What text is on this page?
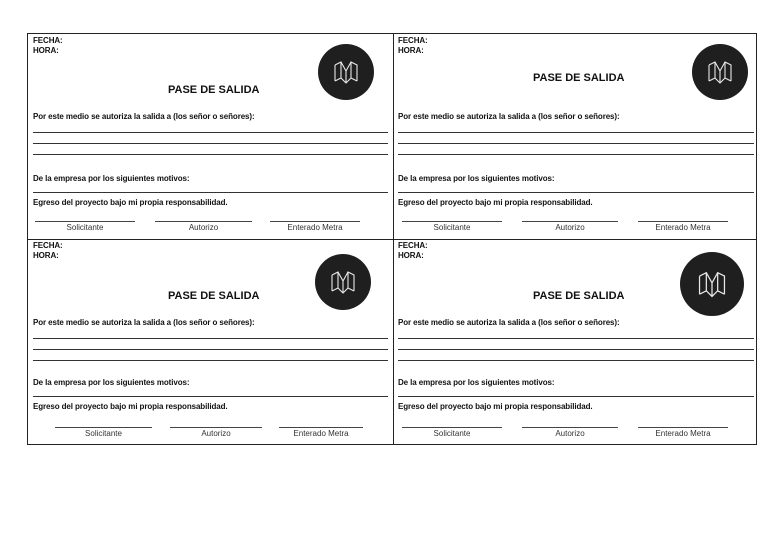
FECHA:
HORA:
PASE DE SALIDA
Por este medio se autoriza la salida a (los señor o señores):
De la empresa por los siguientes motivos:
Egreso del proyecto bajo mi propia responsabilidad.
Solicitante	Autorizo	Enterado Metra
FECHA:
HORA:
PASE DE SALIDA
Por este medio se autoriza la salida a (los señor o señores):
De la empresa por los siguientes motivos:
Egreso del proyecto bajo mi propia responsabilidad.
Solicitante	Autorizo	Enterado Metra
FECHA:
HORA:
PASE DE SALIDA
Por este medio se autoriza la salida a (los señor o señores):
De la empresa por los siguientes motivos:
Egreso del proyecto bajo mi propia responsabilidad.
Solicitante	Autorizo	Enterado Metra
FECHA:
HORA:
PASE DE SALIDA
Por este medio se autoriza la salida a (los señor o señores):
De la empresa por los siguientes motivos:
Egreso del proyecto bajo mi propia responsabilidad.
Solicitante	Autorizo	Enterado Metra
